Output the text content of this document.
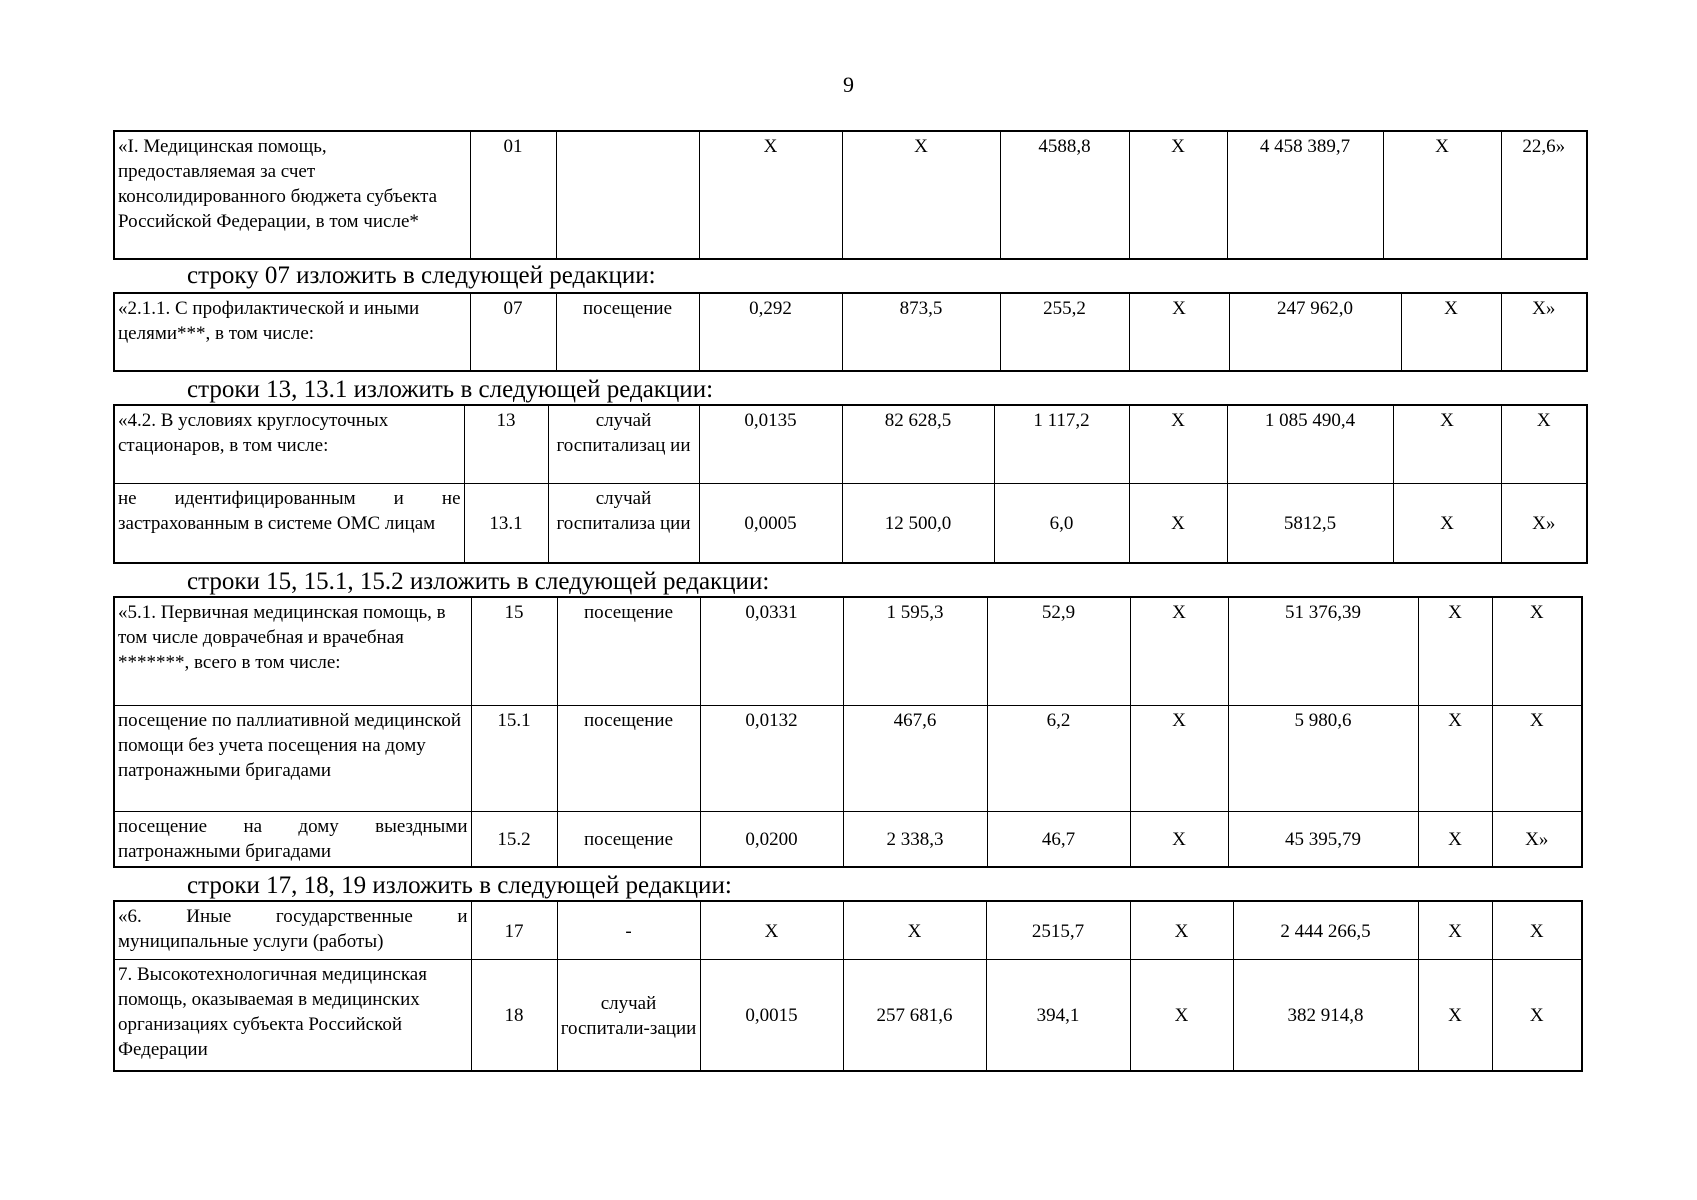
9
«I. Медицинская помощь, предоставляемая за счет консолидированного бюджета субъекта Российской Федерации, в том числе*	01		Х	Х	4588,8	Х	4 458 389,7	Х	22,6»
строку 07 изложить в следующей редакции:
«2.1.1. С профилактической и иными целями***, в том числе:	07	посещение	0,292	873,5	255,2	Х	247 962,0	Х	Х»
строки 13, 13.1 изложить в следующей редакции:
«4.2. В условиях круглосуточных стационаров, в том числе:	13	случай госпитализац ии	0,0135	82 628,5	1 117,2	Х	1 085 490,4	Х	Х
не идентифицированным и не застрахованным в системе ОМС лицам	13.1	случай госпитализа ции	0,0005	12 500,0	6,0	Х	5812,5	Х	Х»
строки 15, 15.1, 15.2 изложить в следующей редакции:
«5.1. Первичная медицинская помощь, в том числе доврачебная и врачебная *******, всего в том числе:	15	посещение	0,0331	1 595,3	52,9	Х	51 376,39	Х	Х
посещение по паллиативной медицинской помощи без учета посещения на дому патронажными бригадами	15.1	посещение	0,0132	467,6	6,2	Х	5 980,6	Х	Х
посещение на дому выездными патронажными бригадами	15.2	посещение	0,0200	2 338,3	46,7	Х	45 395,79	Х	Х»
строки 17, 18, 19 изложить в следующей редакции:
«6. Иные государственные и муниципальные услуги (работы)	17	-	Х	Х	2515,7	Х	2 444 266,5	Х	Х
7. Высокотехнологичная медицинская помощь, оказываемая в медицинских организациях субъекта Российской Федерации	18	случай госпитали-зации	0,0015	257 681,6	394,1	Х	382 914,8	Х	Х
